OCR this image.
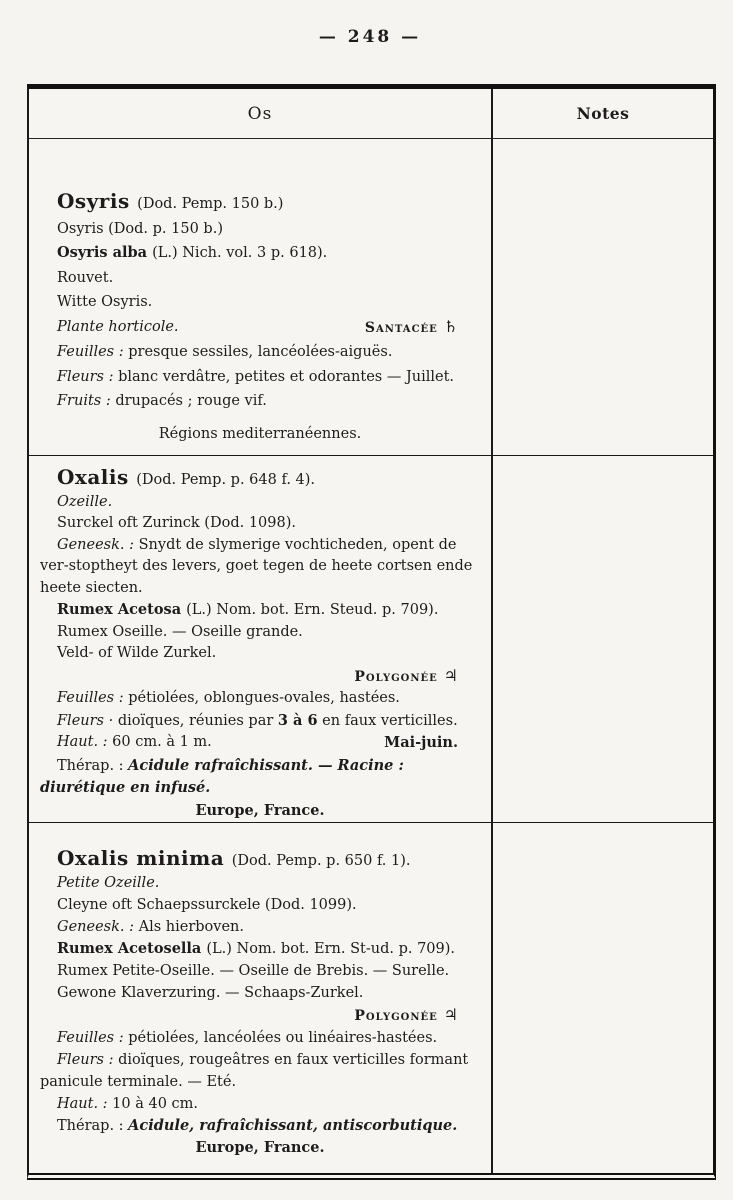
— 248 —
Os	Notes
Osyris (Dod. Pemp. 150 b.)
Osyris (Dod. p. 150 b.)
Osyris alba (L.) Nich. vol. 3 p. 618).
Rouvet.
Witte Osyris.
Plante horticole.	Santacée ♄
Feuilles : presque sessiles, lancéolées-aiguës.
Fleurs : blanc verdâtre, petites et odorantes — Juillet.
Fruits : drupacés ; rouge vif.
Régions mediterranéennes.
Oxalis (Dod. Pemp. p. 648 f. 4).
Ozeille.
Surckel oft Zurinck (Dod. 1098).
Geneesk. : Snydt de slymerige vochticheden, opent de ver-stoptheyt des levers, goet tegen de heete cortsen ende heete siecten.
Rumex Acetosa (L.) Nom. bot. Ern. Steud. p. 709).
Rumex Oseille. — Oseille grande.
Veld- of Wilde Zurkel.
Polygonée ♃
Feuilles : pétiolées, oblongues-ovales, hastées.
Fleurs · dioïques, réunies par 3 à 6 en faux verticilles.
Haut. : 60 cm. à 1 m.	Mai-juin.
Thérap. : Acidule rafraîchissant. — Racine : diurétique en infusé.
Europe, France.
Oxalis minima (Dod. Pemp. p. 650 f. 1).
Petite Ozeille.
Cleyne oft Schaepssurckele (Dod. 1099).
Geneesk. : Als hierboven.
Rumex Acetosella (L.) Nom. bot. Ern. St-ud. p. 709).
Rumex Petite-Oseille. — Oseille de Brebis. — Surelle.
Gewone Klaverzuring. — Schaaps-Zurkel.
Polygonée ♃
Feuilles : pétiolées, lancéolées ou linéaires-hastées.
Fleurs : dioïques, rougeâtres en faux verticilles formant panicule terminale. — Eté.
Haut. : 10 à 40 cm.
Thérap. : Acidule, rafraîchissant, antiscorbutique.
Europe, France.
